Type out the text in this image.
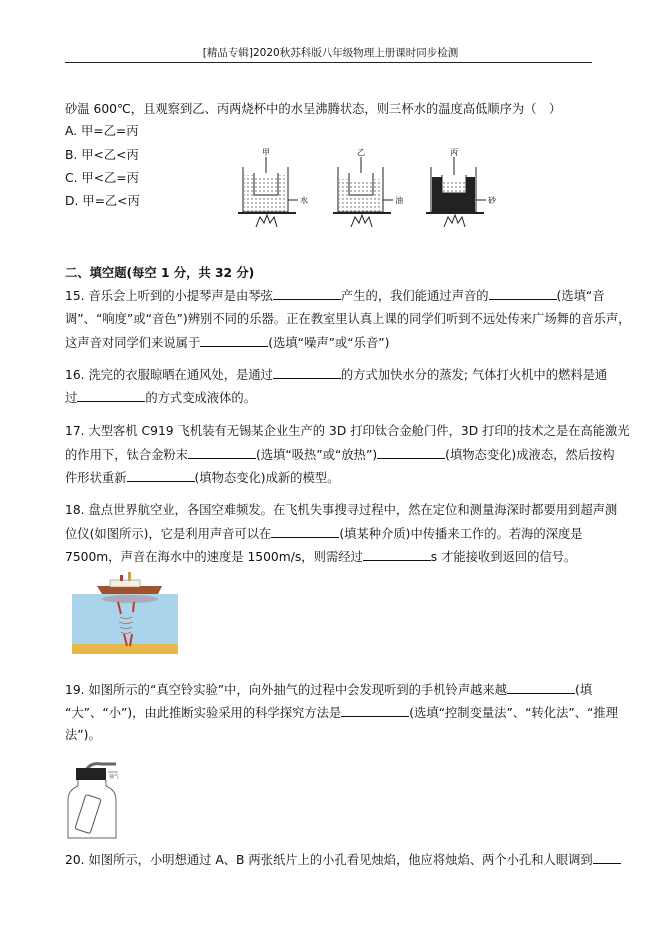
[精品专辑]2020秋苏科版八年级物理上册课时同步检测
砂温 600℃，且观察到乙、丙两烧杯中的水呈沸腾状态，则三杯水的温度高低顺序为（　）
A. 甲=乙=丙
B. 甲<乙<丙
C. 甲<乙=丙
D. 甲=乙<丙
二、填空题(每空 1 分，共 32 分)
15. 音乐会上听到的小提琴声是由琴弦	产生的，我们能通过声音的	(选填“音
调”、“响度”或“音色”)辨别不同的乐器。正在教室里认真上课的同学们听到不远处传来广场舞的音乐声，
这声音对同学们来说属于	(选填“噪声”或“乐音”)
16. 洗完的衣服晾晒在通风处，是通过	的方式加快水分的蒸发; 气体打火机中的燃料是通
过	的方式变成液体的。
17. 大型客机 C919 飞机装有无锡某企业生产的 3D 打印钛合金舱门件，3D 打印的技术之是在高能激光
的作用下，钛合金粉末	(选填“吸热”或“放热”)	(填物态变化)成液态，然后按构
件形状重新	(填物态变化)成新的模型。
18. 盘点世界航空业，各国空难频发。在飞机失事搜寻过程中，然在定位和测量海深时都要用到超声测
位仪(如图所示)，它是利用声音可以在	(填某种介质)中传播来工作的。若海的深度是
7500m，声音在海水中的速度是 1500m/s，则需经过	s 才能接收到返回的信号。
19. 如图所示的“真空铃实验”中，向外抽气的过程中会发现听到的手机铃声越来越	(填
“大”、“小”)，由此推断实验采用的科学探究方法是	(选填“控制变量法”、“转化法”、“推理
法”)。
20. 如图所示，小明想通过 A、B 两张纸片上的小孔看见烛焰，他应将烛焰、两个小孔和人眼调到
甲
水
乙
油
丙
砂
抽气
